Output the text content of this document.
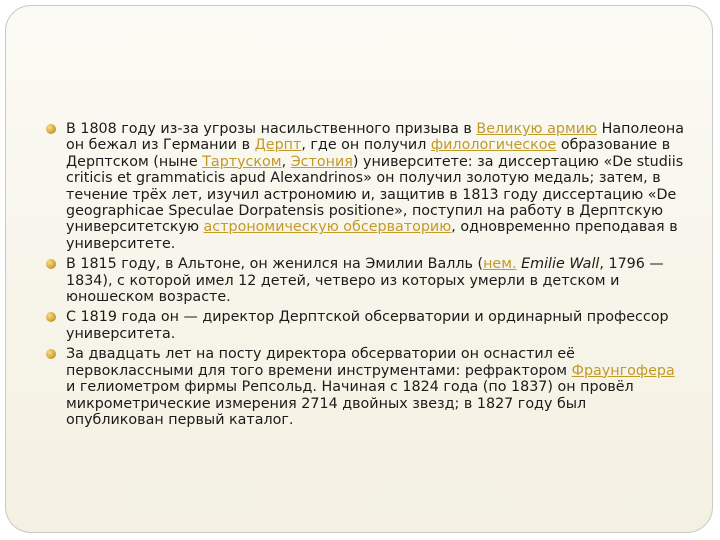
В 1808 году из-за угрозы насильственного призыва в Великую армию Наполеона он бежал из Германии в Дерпт, где он получил филологическое образование в Дерптском (ныне Тартуском, Эстония) университете: за диссертацию «De studiis criticis et grammaticis apud Alexandrinos» он получил золотую медаль; затем, в течение трёх лет, изучил астрономию и, защитив в 1813 году диссертацию «De geographicae Speculae Dorpatensis positione», поступил на работу в Дерптскую университетскую астрономическую обсерваторию, одновременно преподавая в университете.
В 1815 году, в Альтоне, он женился на Эмилии Валль (нем. Emilie Wall, 1796 —1834), с которой имел 12 детей, четверо из которых умерли в детском и юношеском возрасте.
С 1819 года он — директор Дерптской обсерватории и ординарный профессор университета.
За двадцать лет на посту директора обсерватории он оснастил её первоклассными для того времени инструментами: рефрактором Фраунгофера и гелиометром фирмы Репсольд. Начиная с 1824 года (по 1837) он провёл микрометрические измерения 2714 двойных звезд; в 1827 году был опубликован первый каталог.
